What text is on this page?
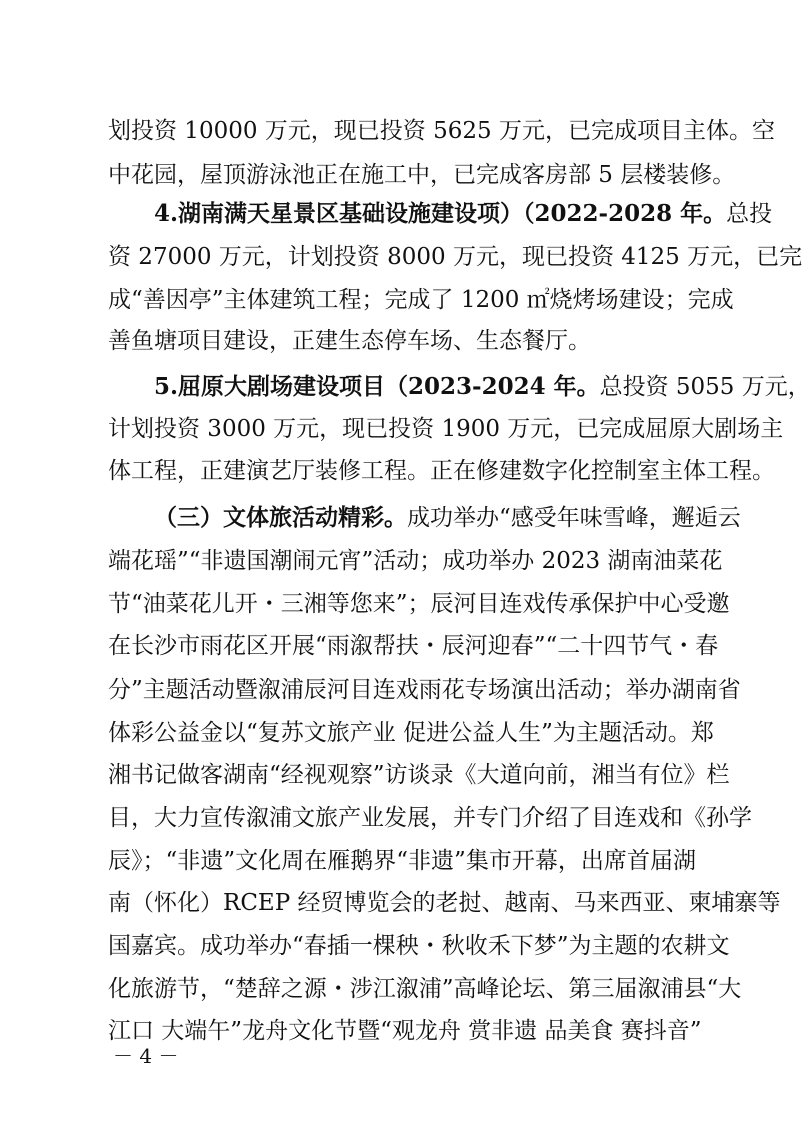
划投资 10000 万元，现已投资 5625 万元，已完成项目主体。空
中花园，屋顶游泳池正在施工中，已完成客房部 5 层楼装修。
4.湖南满天星景区基础设施建设项）（2022-2028 年。总投
资 27000 万元，计划投资 8000 万元，现已投资 4125 万元，已完
成“善因亭”主体建筑工程；完成了 1200 ㎡烧烤场建设；完成
善鱼塘项目建设，正建生态停车场、生态餐厅。
5.屈原大剧场建设项目（2023-2024 年。总投资 5055 万元，
计划投资 3000 万元，现已投资 1900 万元，已完成屈原大剧场主
体工程，正建演艺厅装修工程。正在修建数字化控制室主体工程。
（三）文体旅活动精彩。成功举办“感受年味雪峰，邂逅云
端花瑶”“非遗国潮闹元宵”活动；成功举办 2023 湖南油菜花
节“油菜花儿开・三湘等您来”；辰河目连戏传承保护中心受邀
在长沙市雨花区开展“雨溆帮扶・辰河迎春”“二十四节气・春
分”主题活动暨溆浦辰河目连戏雨花专场演出活动；举办湖南省
体彩公益金以“复苏文旅产业 促进公益人生”为主题活动。郑
湘书记做客湖南“经视观察”访谈录《大道向前，湘当有位》栏
目，大力宣传溆浦文旅产业发展，并专门介绍了目连戏和《孙学
辰》；“非遗”文化周在雁鹅界“非遗”集市开幕，出席首届湖
南（怀化）RCEP 经贸博览会的老挝、越南、马来西亚、柬埔寨等
国嘉宾。成功举办“春插一棵秧・秋收禾下梦”为主题的农耕文
化旅游节，“楚辞之源・涉江溆浦”高峰论坛、第三届溆浦县“大
江口 大端午”龙舟文化节暨“观龙舟 赏非遗 品美食 赛抖音”
－ 4 －
